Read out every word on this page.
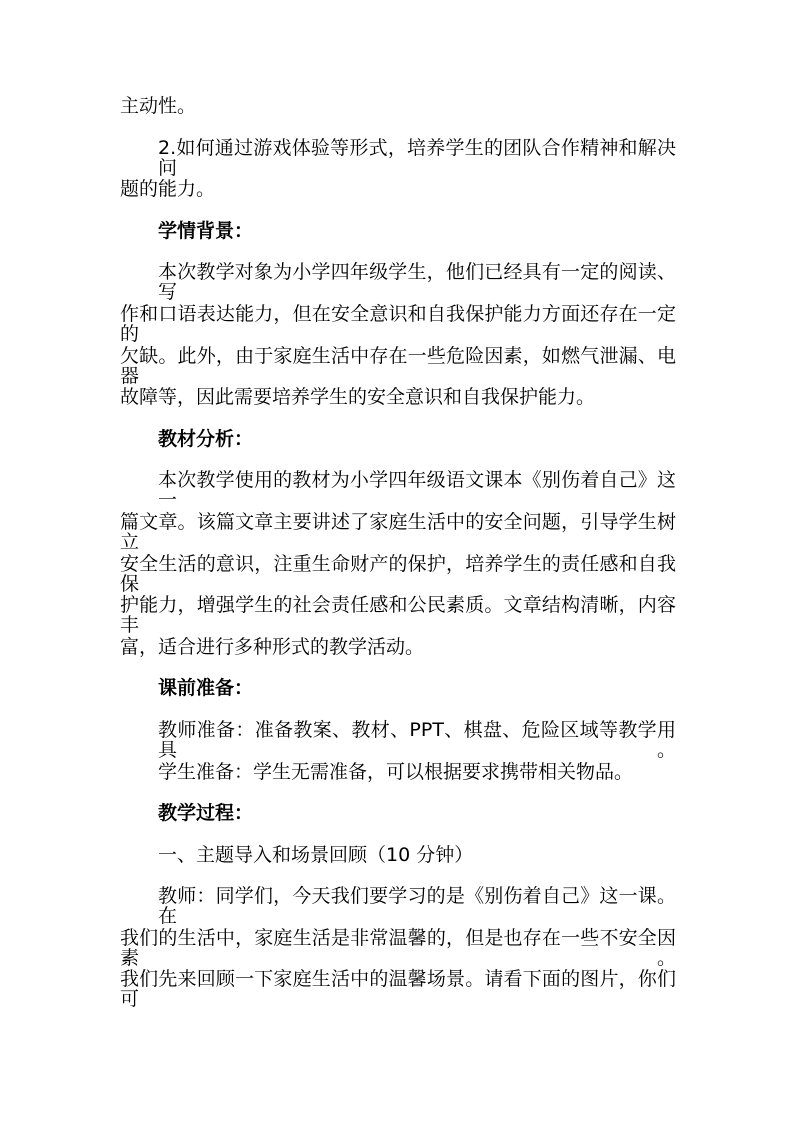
主动性。
2.如何通过游戏体验等形式，培养学生的团队合作精神和解决问
题的能力。
学情背景：
本次教学对象为小学四年级学生，他们已经具有一定的阅读、写
作和口语表达能力，但在安全意识和自我保护能力方面还存在一定的
欠缺。此外，由于家庭生活中存在一些危险因素，如燃气泄漏、电器
故障等，因此需要培养学生的安全意识和自我保护能力。
教材分析：
本次教学使用的教材为小学四年级语文课本《别伤着自己》这一
篇文章。该篇文章主要讲述了家庭生活中的安全问题，引导学生树立
安全生活的意识，注重生命财产的保护，培养学生的责任感和自我保
护能力，增强学生的社会责任感和公民素质。文章结构清晰，内容丰
富，适合进行多种形式的教学活动。
课前准备：
教师准备：准备教案、教材、PPT、棋盘、危险区域等教学用具。
学生准备：学生无需准备，可以根据要求携带相关物品。
教学过程：
一、主题导入和场景回顾（10 分钟）
教师：同学们，今天我们要学习的是《别伤着自己》这一课。在
我们的生活中，家庭生活是非常温馨的，但是也存在一些不安全因素。
我们先来回顾一下家庭生活中的温馨场景。请看下面的图片，你们可
